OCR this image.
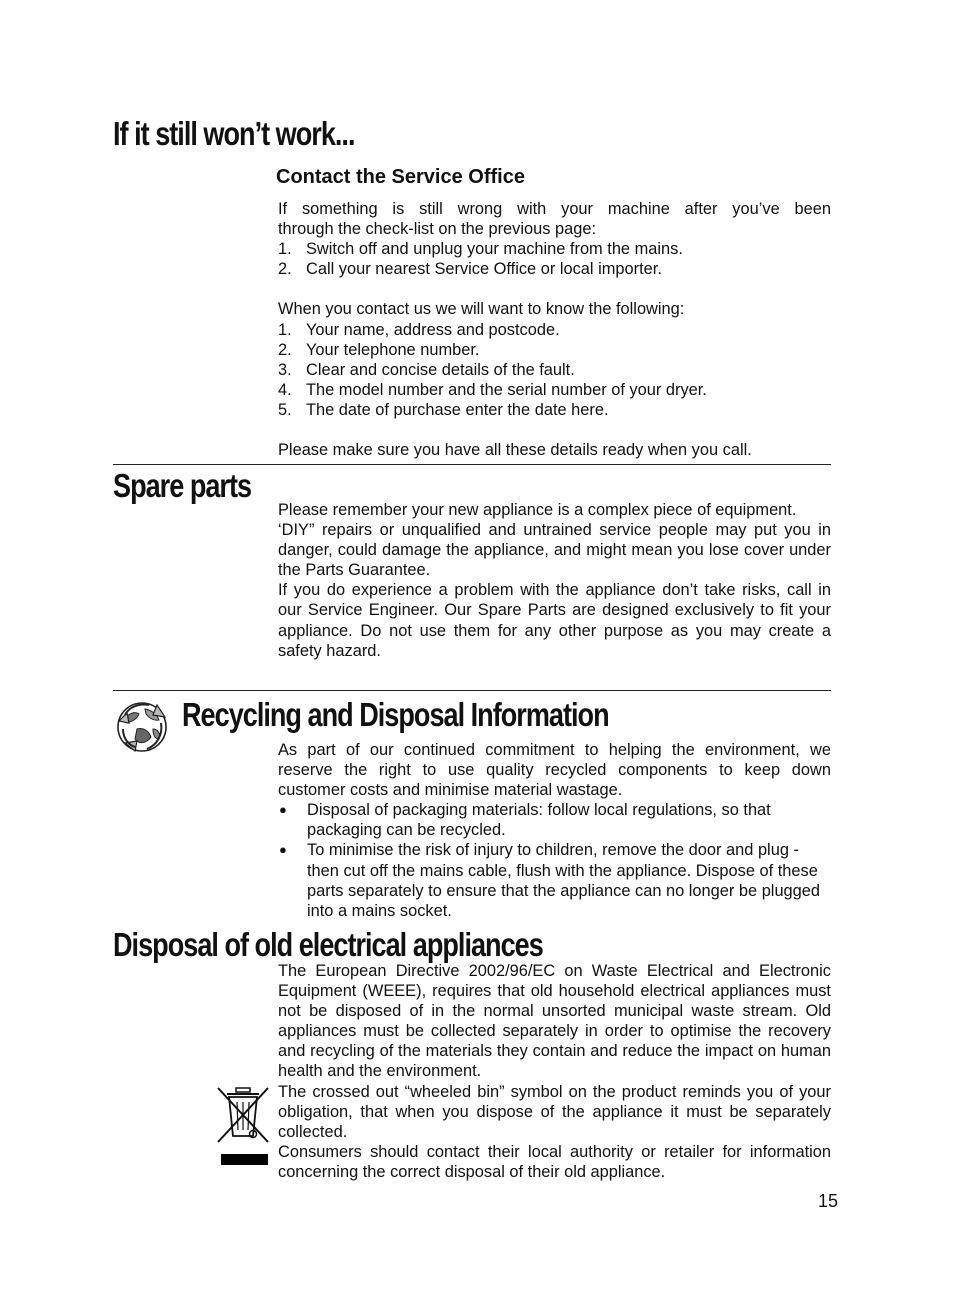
If it still won’t work...
Contact the Service Office
If something is still wrong with your machine after you’ve been
through the check-list on the previous page:
1. Switch off and unplug your machine from the mains.
2. Call your nearest Service Office or local importer.
When you contact us we will want to know the following:
1. Your name, address and postcode.
2. Your telephone number.
3. Clear and concise details of the fault.
4. The model number and the serial number of your dryer.
5. The date of purchase enter the date here.
Please make sure you have all these details ready when you call.
Spare parts

Please remember your new appliance is a complex piece of equipment.

‘DIY” repairs or unqualified and untrained service people may put you in danger, could damage the appliance, and might mean you lose cover under the Parts Guarantee.

If you do experience a problem with the appliance don’t take risks, call in our Service Engineer. Our Spare Parts are designed exclusively to fit your appliance. Do not use them for any other purpose as you may create a safety hazard.

Recycling and Disposal Information

As part of our continued commitment to helping the environment, we reserve the right to use quality recycled components to keep down customer costs and minimise material wastage.

●	Disposal of packaging materials: follow local regulations, so that packaging can be recycled.
●	To minimise the risk of injury to children, remove the door and plug - then cut off the mains cable, flush with the appliance. Dispose of these parts separately to ensure that the appliance can no longer be plugged into a mains socket.
Disposal of old electrical appliances

The European Directive 2002/96/EC on Waste Electrical and Electronic Equipment (WEEE), requires that old household electrical appliances must not be disposed of in the normal unsorted municipal waste stream. Old appliances must be collected separately in order to optimise the recovery and recycling of the materials they contain and reduce the impact on human health and the environment.

The crossed out “wheeled bin” symbol on the product reminds you of your obligation, that when you dispose of the appliance it must be separately collected.

Consumers should contact their local authority or retailer for information concerning the correct disposal of their old appliance.

15
